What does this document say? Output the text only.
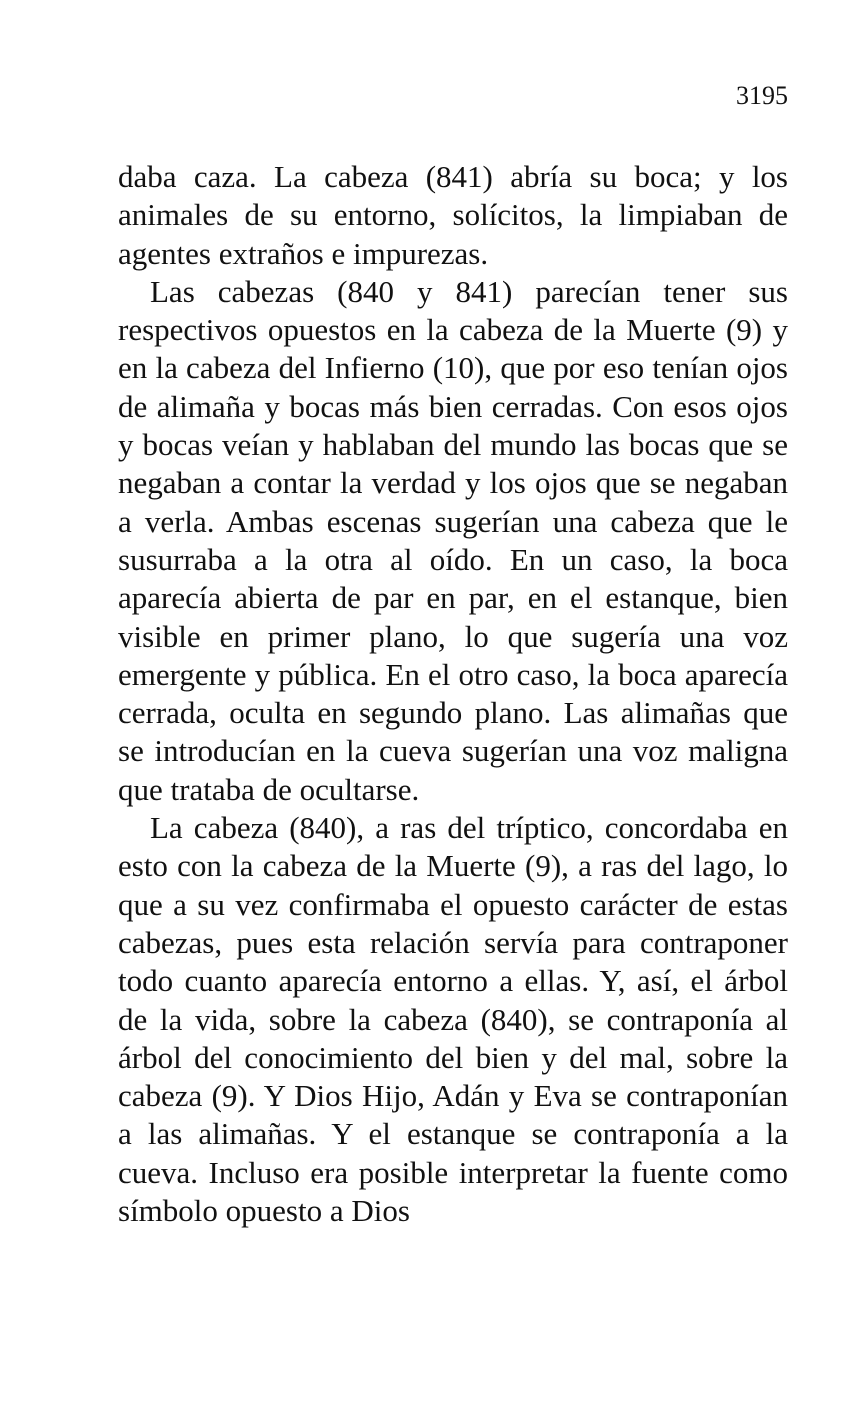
3195

daba caza. La cabeza (841) abría su boca; y los animales de su entorno, solícitos, la limpiaban de agentes extraños e impurezas.

Las cabezas (840 y 841) parecían tener sus respectivos opuestos en la cabeza de la Muerte (9) y en la cabeza del Infierno (10), que por eso tenían ojos de alimaña y bocas más bien cerradas. Con esos ojos y bocas veían y hablaban del mundo las bocas que se negaban a contar la verdad y los ojos que se negaban a verla. Ambas escenas sugerían una cabeza que le susurraba a la otra al oído. En un caso, la boca aparecía abierta de par en par, en el estanque, bien visible en primer plano, lo que sugería una voz emergente y pública. En el otro caso, la boca aparecía cerrada, oculta en segundo plano. Las alimañas que se introducían en la cueva sugerían una voz maligna que trataba de ocultarse.

La cabeza (840), a ras del tríptico, concordaba en esto con la cabeza de la Muerte (9), a ras del lago, lo que a su vez confirmaba el opuesto carácter de estas cabezas, pues esta relación servía para contraponer todo cuanto aparecía entorno a ellas. Y, así, el árbol de la vida, sobre la cabeza (840), se contraponía al árbol del conocimiento del bien y del mal, sobre la cabeza (9). Y Dios Hijo, Adán y Eva se contraponían a las alimañas. Y el estanque se contraponía a la cueva. Incluso era posible interpretar la fuente como símbolo opuesto a Dios
